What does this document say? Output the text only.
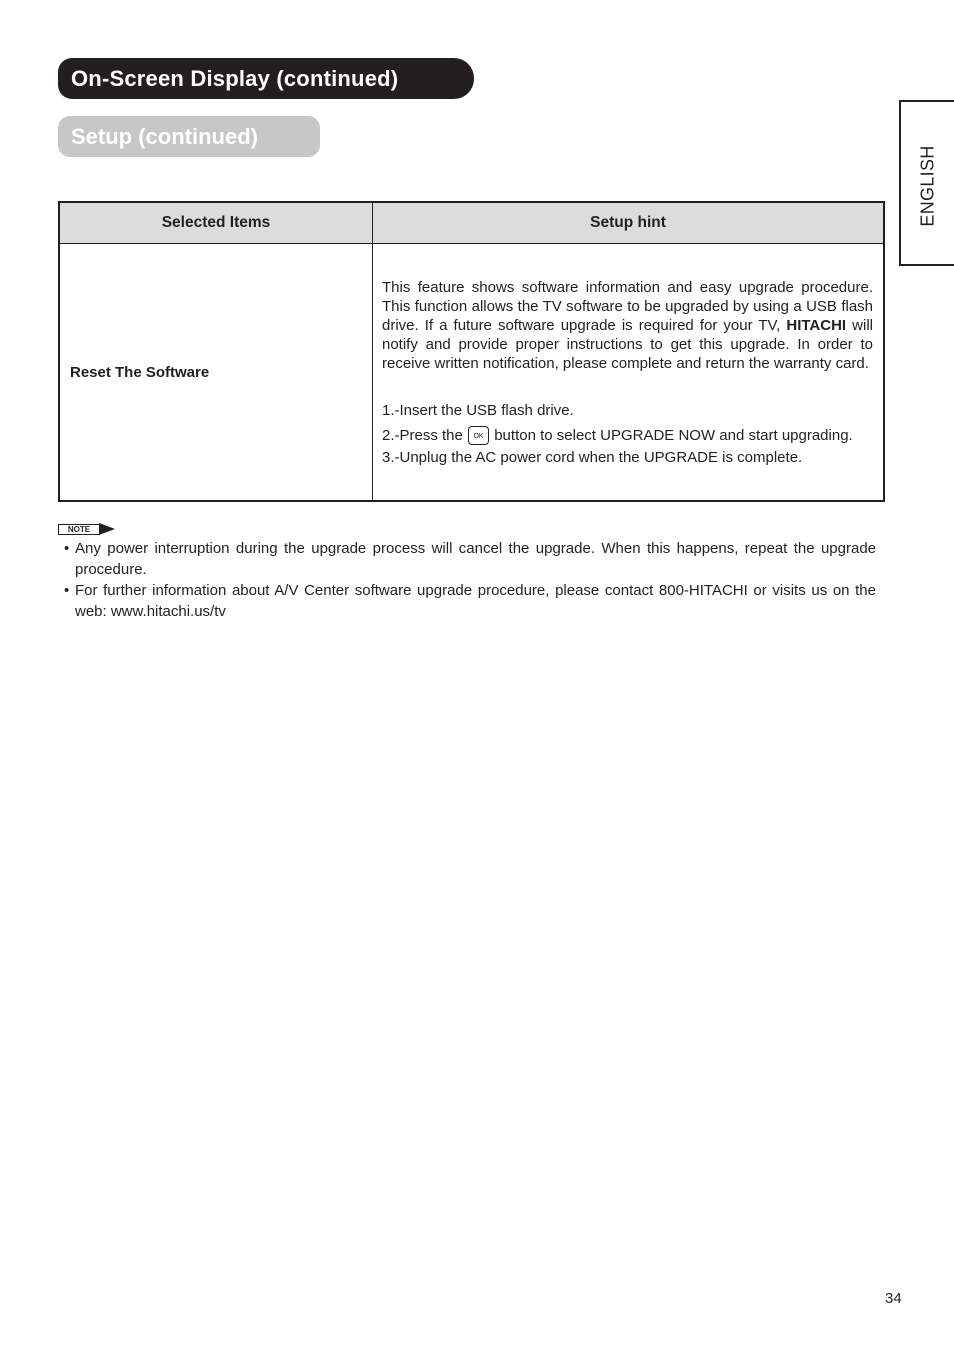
On-Screen Display (continued)
Setup (continued)
ENGLISH
Selected Items	Setup hint
Reset The Software	This feature shows software information and easy upgrade procedure. This function allows the TV software to be upgraded by using a USB flash drive. If a future software upgrade is required for your TV, HITACHI will notify and provide proper instructions to get this upgrade. In order to receive written notification, please complete and return the warranty card.

1.-Insert the USB flash drive.

2.-Press the OK button to select UPGRADE NOW and start upgrading.

3.-Unplug the AC power cord when the UPGRADE is complete.

NOTE
• Any power interruption during the upgrade process will cancel the upgrade. When this happens, repeat the upgrade procedure.
• For further information about A/V Center software upgrade procedure, please contact 800-HITACHI or visits us on the web: www.hitachi.us/tv
34
